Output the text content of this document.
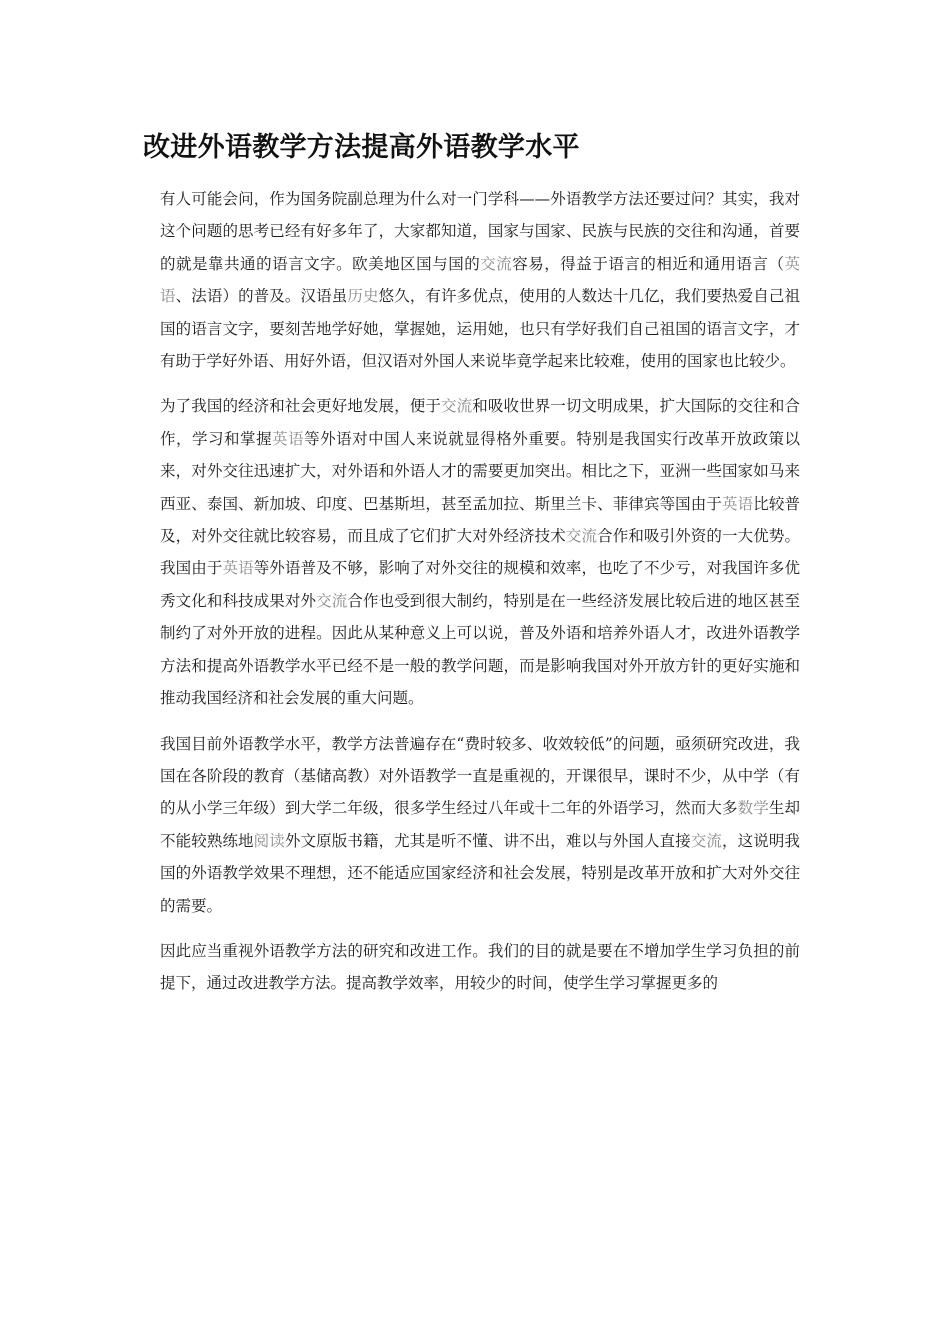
改进外语教学方法提高外语教学水平

有人可能会问，作为国务院副总理为什么对一门学科——外语教学方法还要过问？其实，我对这个问题的思考已经有好多年了，大家都知道，国家与国家、民族与民族的交往和沟通，首要的就是靠共通的语言文字。欧美地区国与国的交流容易，得益于语言的相近和通用语言（英语、法语）的普及。汉语虽历史悠久，有许多优点，使用的人数达十几亿，我们要热爱自己祖国的语言文字，要刻苦地学好她，掌握她，运用她，也只有学好我们自己祖国的语言文字，才有助于学好外语、用好外语，但汉语对外国人来说毕竟学起来比较难，使用的国家也比较少。

为了我国的经济和社会更好地发展，便于交流和吸收世界一切文明成果，扩大国际的交往和合作，学习和掌握英语等外语对中国人来说就显得格外重要。特别是我国实行改革开放政策以来，对外交往迅速扩大，对外语和外语人才的需要更加突出。相比之下，亚洲一些国家如马来西亚、泰国、新加坡、印度、巴基斯坦，甚至孟加拉、斯里兰卡、菲律宾等国由于英语比较普及，对外交往就比较容易，而且成了它们扩大对外经济技术交流合作和吸引外资的一大优势。我国由于英语等外语普及不够，影响了对外交往的规模和效率，也吃了不少亏，对我国许多优秀文化和科技成果对外交流合作也受到很大制约，特别是在一些经济发展比较后进的地区甚至制约了对外开放的进程。因此从某种意义上可以说，普及外语和培养外语人才，改进外语教学方法和提高外语教学水平已经不是一般的教学问题，而是影响我国对外开放方针的更好实施和推动我国经济和社会发展的重大问题。

我国目前外语教学水平，教学方法普遍存在“费时较多、收效较低”的问题，亟须研究改进，我国在各阶段的教育（基储高教）对外语教学一直是重视的，开课很早，课时不少，从中学（有的从小学三年级）到大学二年级，很多学生经过八年或十二年的外语学习，然而大多数学生却不能较熟练地阅读外文原版书籍，尤其是听不懂、讲不出，难以与外国人直接交流，这说明我国的外语教学效果不理想，还不能适应国家经济和社会发展，特别是改革开放和扩大对外交往的需要。

因此应当重视外语教学方法的研究和改进工作。我们的目的就是要在不增加学生学习负担的前提下，通过改进教学方法。提高教学效率，用较少的时间，使学生学习掌握更多的
